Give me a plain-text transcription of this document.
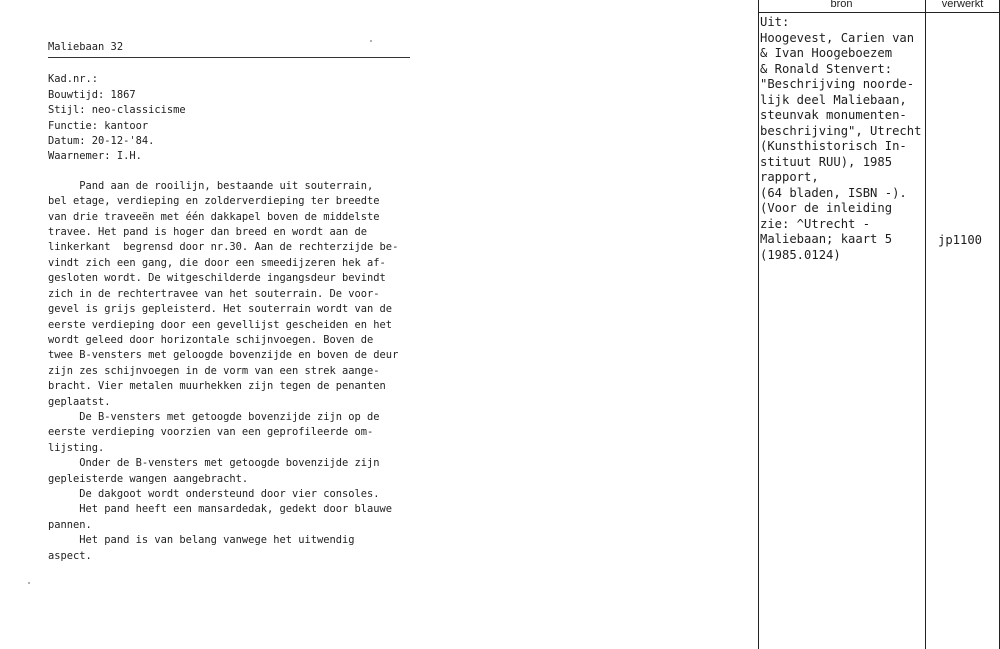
Maliebaan 32
Kad.nr.:
Bouwtijd: 1867
Stijl: neo-classicisme
Functie: kantoor
Datum: 20-12-'84.
Waarnemer: I.H.
Pand aan de rooilijn, bestaande uit souterrain,
bel etage, verdieping en zolderverdieping ter breedte
van drie traveeën met één dakkapel boven de middelste
travee. Het pand is hoger dan breed en wordt aan de
linkerkant  begrensd door nr.30. Aan de rechterzijde be-
vindt zich een gang, die door een smeedijzeren hek af-
gesloten wordt. De witgeschilderde ingangsdeur bevindt
zich in de rechtertravee van het souterrain. De voor-
gevel is grijs gepleisterd. Het souterrain wordt van de
eerste verdieping door een gevellijst gescheiden en het
wordt geleed door horizontale schijnvoegen. Boven de
twee B-vensters met geloogde bovenzijde en boven de deur
zijn zes schijnvoegen in de vorm van een strek aange-
bracht. Vier metalen muurhekken zijn tegen de penanten
geplaatst.
De B-vensters met getoogde bovenzijde zijn op de
eerste verdieping voorzien van een geprofileerde om-
lijsting.
Onder de B-vensters met getoogde bovenzijde zijn
gepleisterde wangen aangebracht.
De dakgoot wordt ondersteund door vier consoles.
Het pand heeft een mansardedak, gedekt door blauwe
pannen.
Het pand is van belang vanwege het uitwendig
aspect.
bron	verwerkt
Uit:
Hoogevest, Carien van
& Ivan Hoogeboezem
& Ronald Stenvert:
"Beschrijving noorde-
lijk deel Maliebaan,
steunvak monumenten-
beschrijving", Utrecht
(Kunsthistorisch In-
stituut RUU), 1985
rapport,
(64 bladen, ISBN -).
(Voor de inleiding
zie: ^Utrecht -
Maliebaan; kaart 5
(1985.0124)
jp1100
